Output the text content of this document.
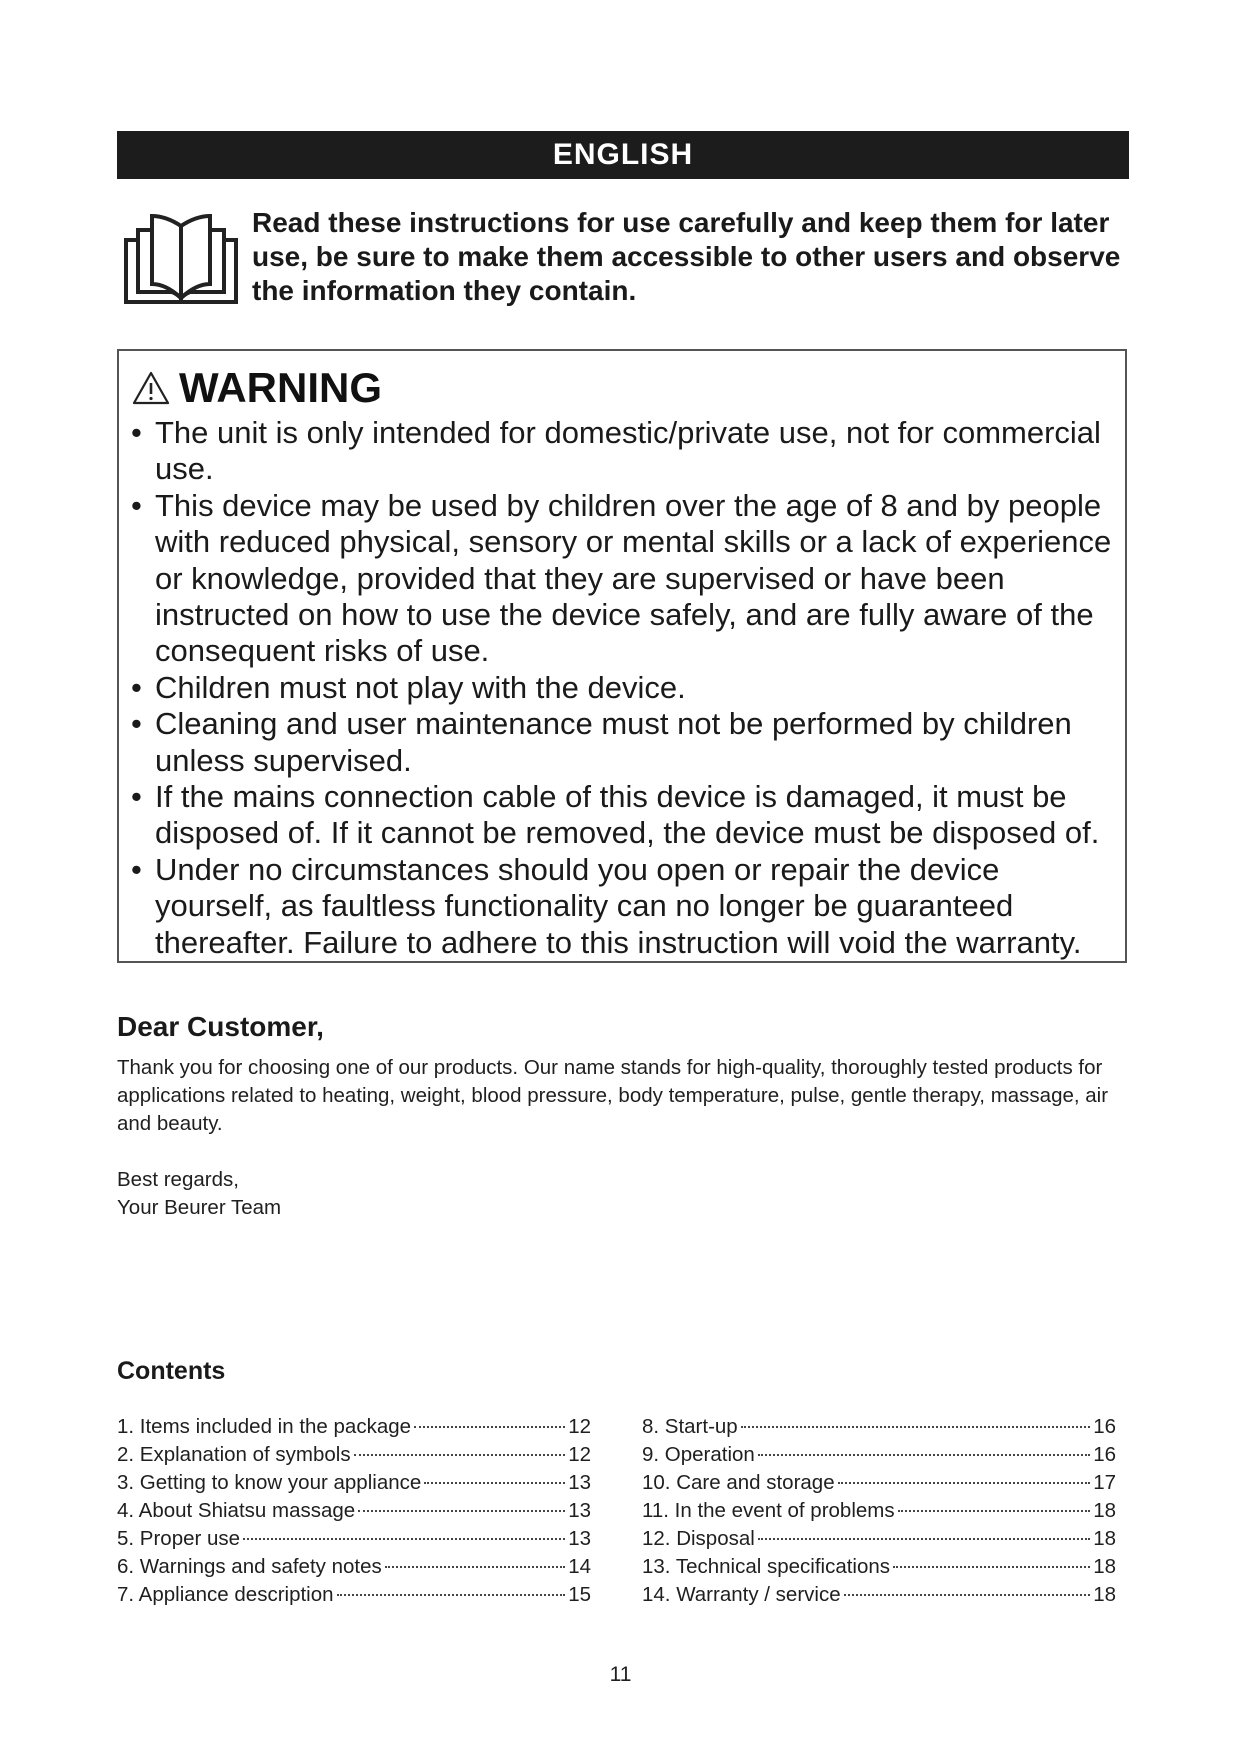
ENGLISH
Read these instructions for use carefully and keep them for later use, be sure to make them accessible to other users and observe the information they contain.
WARNING
• The unit is only intended for domestic/private use, not for commercial use.
• This device may be used by children over the age of 8 and by people with reduced physical, sensory or mental skills or a lack of experience or knowledge, provided that they are supervised or have been instructed on how to use the device safely, and are fully aware of the consequent risks of use.
• Children must not play with the device.
• Cleaning and user maintenance must not be performed by children unless supervised.
• If the mains connection cable of this device is damaged, it must be disposed of. If it cannot be removed, the device must be disposed of.
• Under no circumstances should you open or repair the device yourself, as faultless functionality can no longer be guaranteed thereafter. Failure to adhere to this instruction will void the warranty.
Dear Customer,
Thank you for choosing one of our products. Our name stands for high-quality, thoroughly tested products for applications related to heating, weight, blood pressure, body temperature, pulse, gentle therapy, massage, air and beauty.
Best regards,
Your Beurer Team
Contents
1. Items included in the package	12
2. Explanation of symbols	12
3. Getting to know your appliance	13
4. About Shiatsu massage	13
5. Proper use	13
6. Warnings and safety notes	14
7. Appliance description	15
8. Start-up	16
9. Operation	16
10. Care and storage	17
11. In the event of problems	18
12. Disposal	18
13. Technical specifications	18
14. Warranty / service	18
11
